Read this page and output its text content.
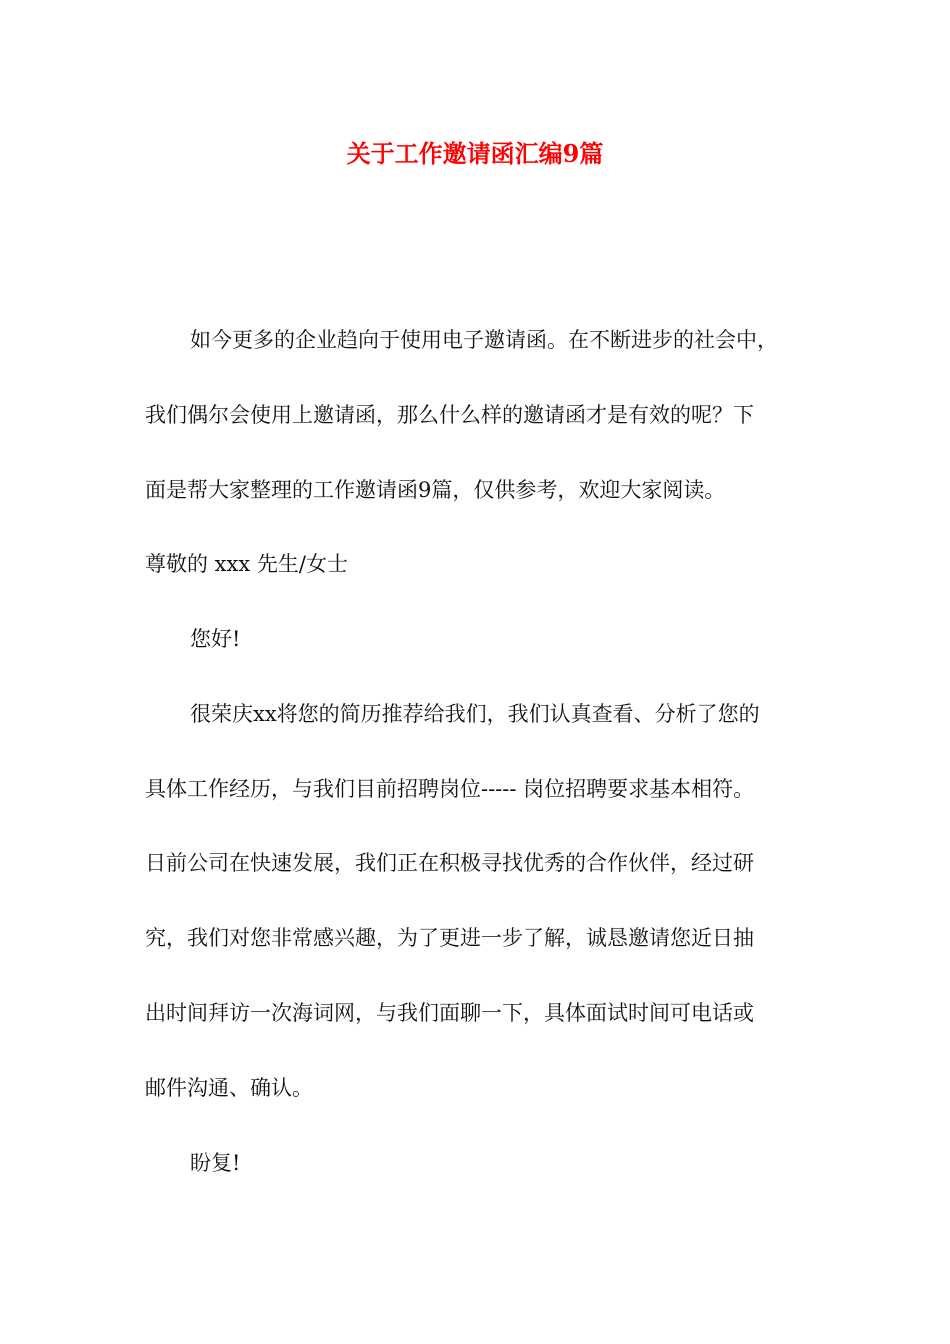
关于工作邀请函汇编9篇
如今更多的企业趋向于使用电子邀请函。在不断进步的社会中，
我们偶尔会使用上邀请函，那么什么样的邀请函才是有效的呢？下
面是帮大家整理的工作邀请函9篇，仅供参考，欢迎大家阅读。
尊敬的 xxx 先生/女士
您好!
很荣庆xx将您的简历推荐给我们，我们认真查看、分析了您的
具体工作经历，与我们目前招聘岗位----- 岗位招聘要求基本相符。
日前公司在快速发展，我们正在积极寻找优秀的合作伙伴，经过研
究，我们对您非常感兴趣，为了更进一步了解，诚恳邀请您近日抽
出时间拜访一次海词网，与我们面聊一下，具体面试时间可电话或
邮件沟通、确认。
盼复!
